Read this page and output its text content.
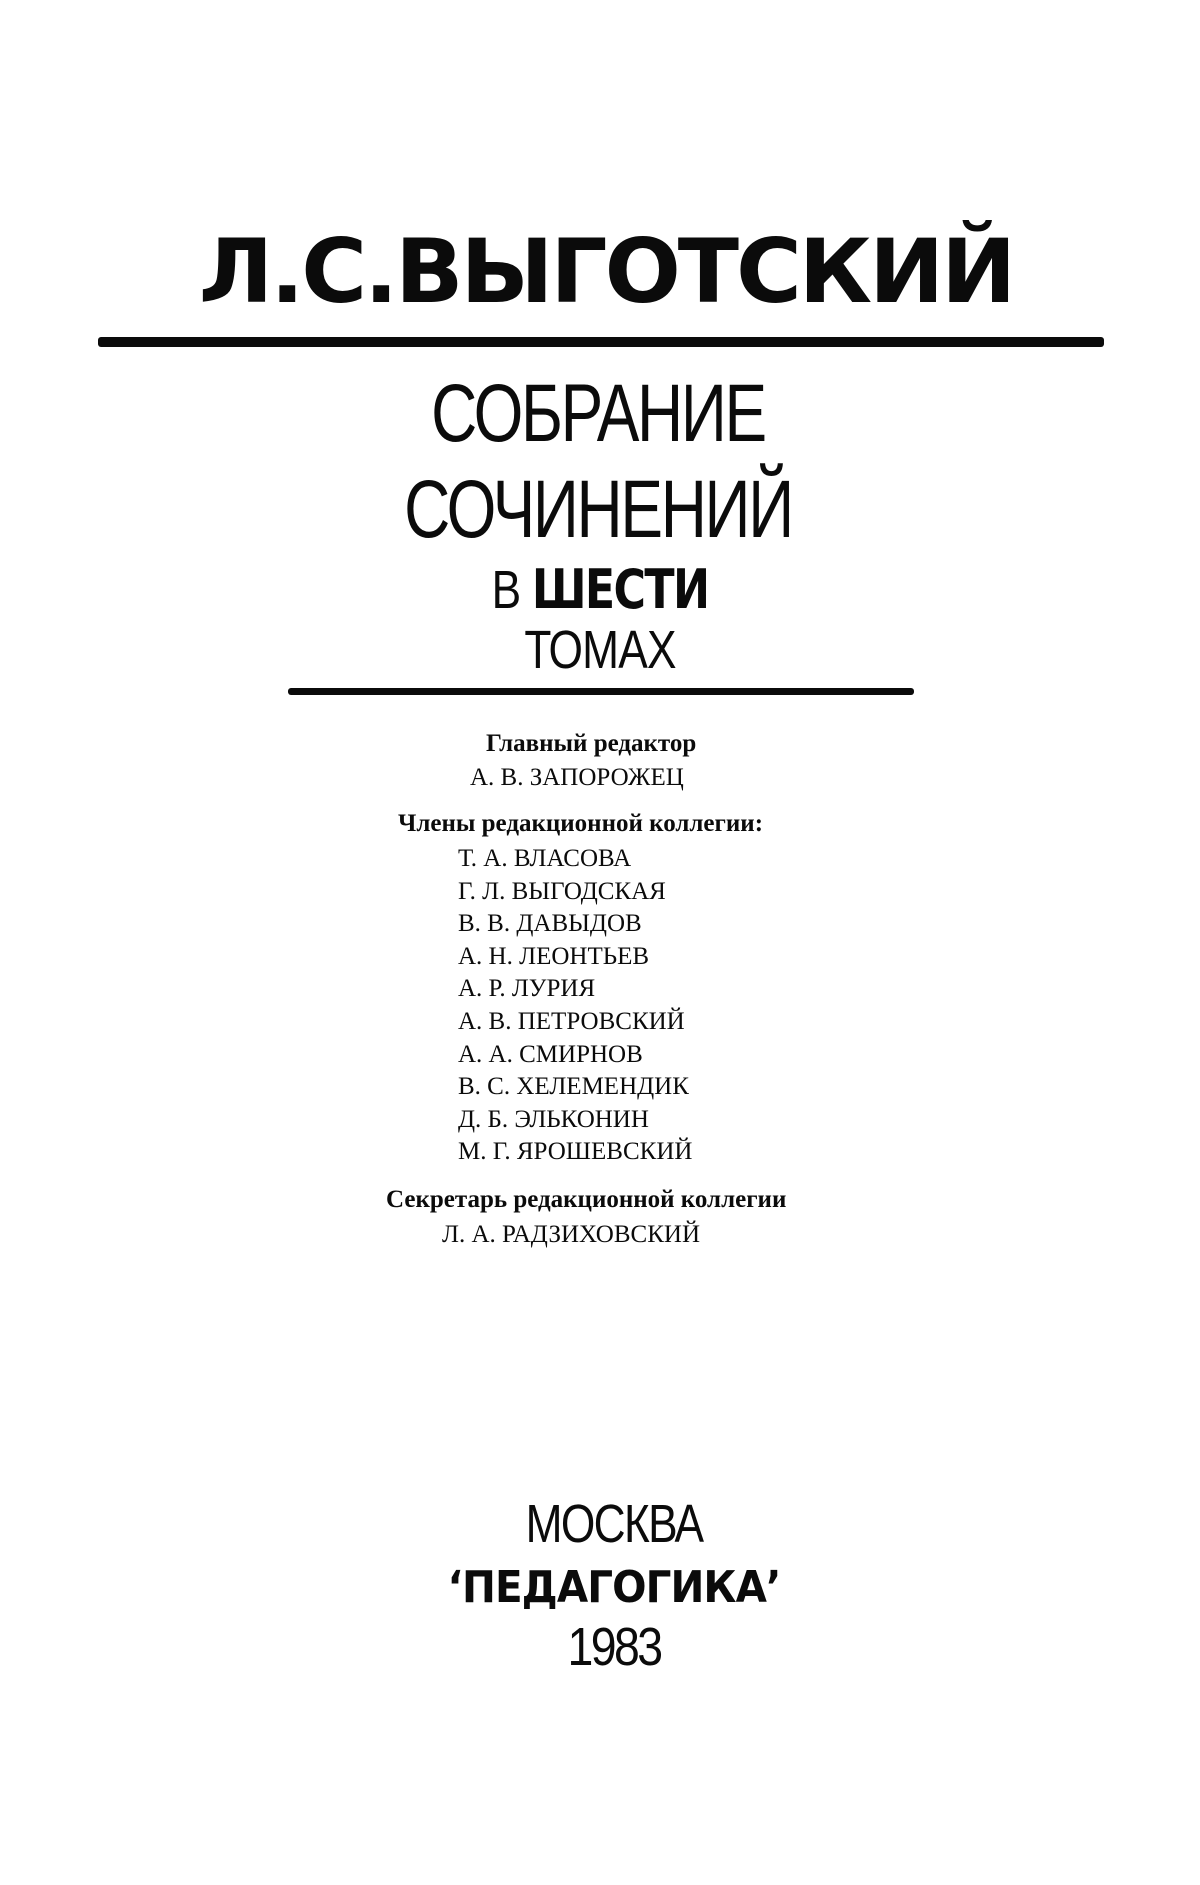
Л.С.ВЫГОТСКИЙ
СОБРАНИЕ
СОЧИНЕНИЙ
В ШЕСТИ
ТОМАХ
Главный редактор
А. В. ЗАПОРОЖЕЦ
Члены редакционной коллегии:
Т. А. ВЛАСОВА
Г. Л. ВЫГОДСКАЯ
В. В. ДАВЫДОВ
А. Н. ЛЕОНТЬЕВ
А. Р. ЛУРИЯ
А. В. ПЕТРОВСКИЙ
А. А. СМИРНОВ
В. С. ХЕЛЕМЕНДИК
Д. Б. ЭЛЬКОНИН
М. Г. ЯРОШЕВСКИЙ
Секретарь редакционной коллегии
Л. А. РАДЗИХОВСКИЙ
МОСКВА
‘ПЕДАГОГИКА’
1983
